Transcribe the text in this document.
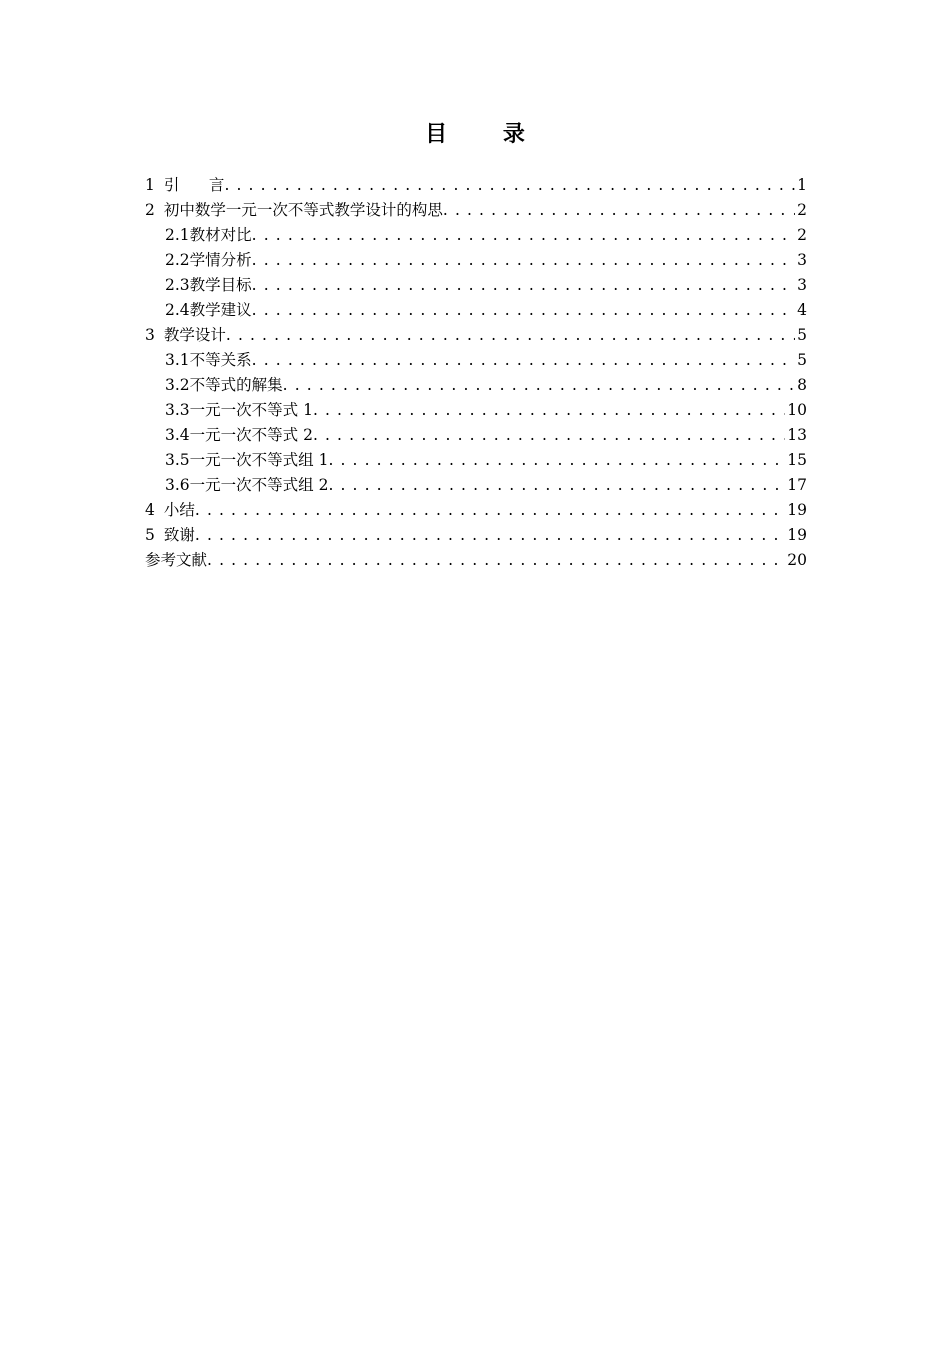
目 录
1 引      言 . . .	1
2 初中数学一元一次不等式教学设计的构思 . . .	2
2.1 教材对比 . . .	2
2.2 学情分析 . . .	3
2.3 教学目标 . . .	3
2.4 教学建议 . . .	4
3 教学设计 . . .	5
3.1 不等关系 . . .	5
3.2 不等式的解集 . . .	8
3.3 一元一次不等式 1 . . .	10
3.4 一元一次不等式 2 . . .	13
3.5 一元一次不等式组 1 . . .	15
3.6 一元一次不等式组 2 . . .	17
4 小结 . . .	19
5 致谢 . . .	19
参考文献 . . .	20
